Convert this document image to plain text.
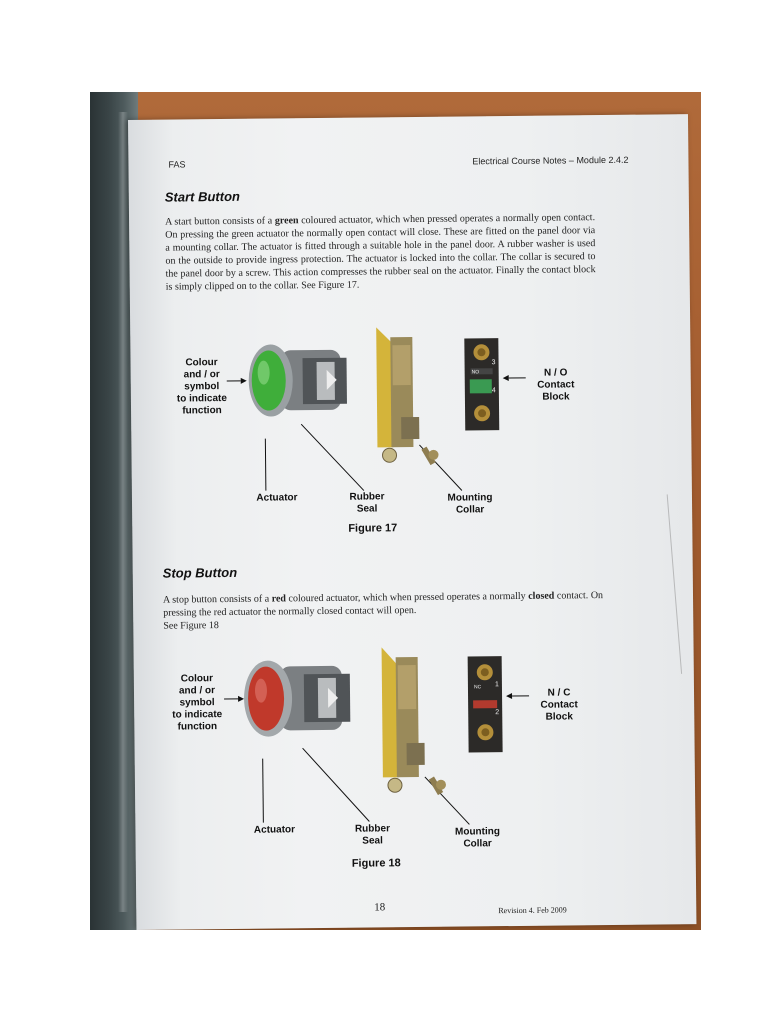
FAS	Electrical Course Notes – Module 2.4.2
Start Button
A start button consists of a green coloured actuator, which when pressed operates a normally open contact. On pressing the green actuator the normally open contact will close. These are fitted on the panel door via a mounting collar. The actuator is fitted through a suitable hole in the panel door. A rubber washer is used on the outside to provide ingress protection. The actuator is locked into the collar. The collar is secured to the panel door by a screw. This action compresses the rubber seal on the actuator. Finally the contact block is simply clipped on to the collar. See Figure 17.
Colour
and / or
symbol
to indicate
function
N / O
Contact
Block
Actuator	Rubber
Seal
Mounting
Collar
NO
3
4
Figure 17
Stop Button
A stop button consists of a red coloured actuator, which when pressed operates a normally closed contact. On pressing the red actuator the normally closed contact will open.
See Figure 18
Colour
and / or
symbol
to indicate
function
N / C
Contact
Block
Actuator	Rubber
Seal
Mounting
Collar
NC 1
2
Figure 18
18	Revision 4. Feb 2009
